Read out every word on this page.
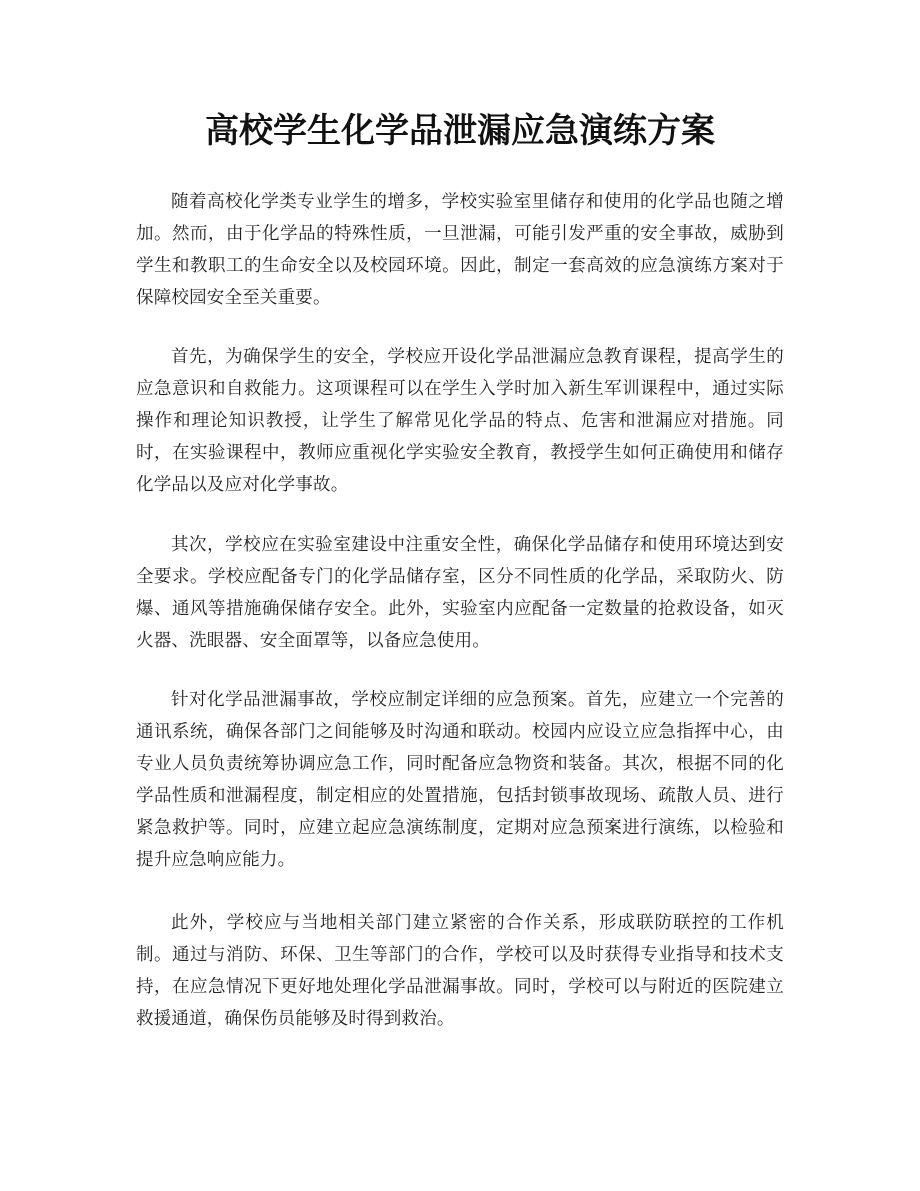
高校学生化学品泄漏应急演练方案

随着高校化学类专业学生的增多，学校实验室里储存和使用的化学品也随之增加。然而，由于化学品的特殊性质，一旦泄漏，可能引发严重的安全事故，威胁到学生和教职工的生命安全以及校园环境。因此，制定一套高效的应急演练方案对于保障校园安全至关重要。

首先，为确保学生的安全，学校应开设化学品泄漏应急教育课程，提高学生的应急意识和自救能力。这项课程可以在学生入学时加入新生军训课程中，通过实际操作和理论知识教授，让学生了解常见化学品的特点、危害和泄漏应对措施。同时，在实验课程中，教师应重视化学实验安全教育，教授学生如何正确使用和储存化学品以及应对化学事故。

其次，学校应在实验室建设中注重安全性，确保化学品储存和使用环境达到安全要求。学校应配备专门的化学品储存室，区分不同性质的化学品，采取防火、防爆、通风等措施确保储存安全。此外，实验室内应配备一定数量的抢救设备，如灭火器、洗眼器、安全面罩等，以备应急使用。

针对化学品泄漏事故，学校应制定详细的应急预案。首先，应建立一个完善的通讯系统，确保各部门之间能够及时沟通和联动。校园内应设立应急指挥中心，由专业人员负责统筹协调应急工作，同时配备应急物资和装备。其次，根据不同的化学品性质和泄漏程度，制定相应的处置措施，包括封锁事故现场、疏散人员、进行紧急救护等。同时，应建立起应急演练制度，定期对应急预案进行演练，以检验和提升应急响应能力。

此外，学校应与当地相关部门建立紧密的合作关系，形成联防联控的工作机制。通过与消防、环保、卫生等部门的合作，学校可以及时获得专业指导和技术支持，在应急情况下更好地处理化学品泄漏事故。同时，学校可以与附近的医院建立救援通道，确保伤员能够及时得到救治。
